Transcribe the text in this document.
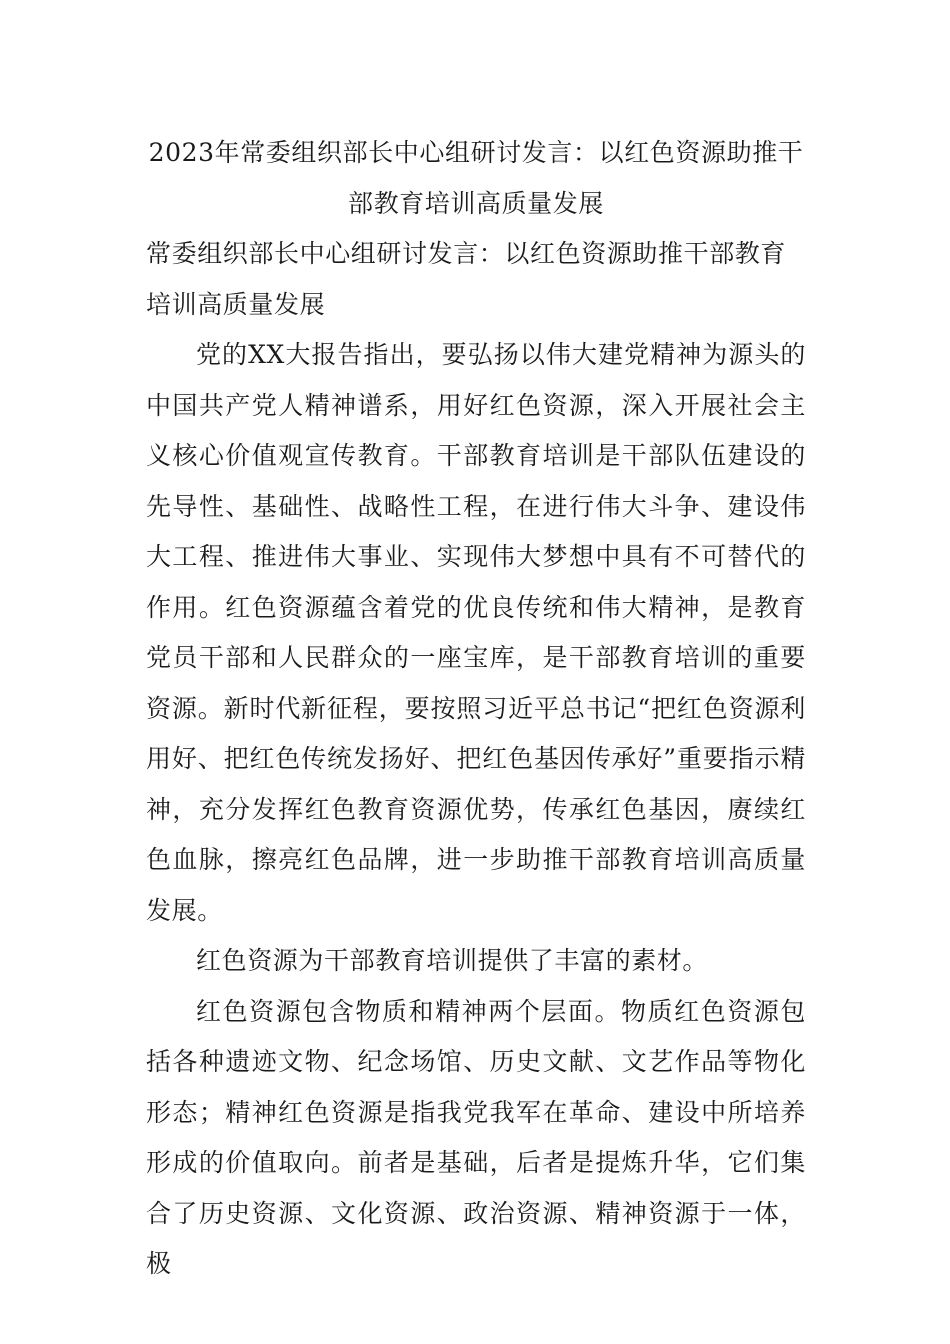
2023年常委组织部长中心组研讨发言：以红色资源助推干部教育培训高质量发展

常委组织部长中心组研讨发言：以红色资源助推干部教育培训高质量发展

党的XX大报告指出，要弘扬以伟大建党精神为源头的中国共产党人精神谱系，用好红色资源，深入开展社会主义核心价值观宣传教育。干部教育培训是干部队伍建设的先导性、基础性、战略性工程，在进行伟大斗争、建设伟大工程、推进伟大事业、实现伟大梦想中具有不可替代的作用。红色资源蕴含着党的优良传统和伟大精神，是教育党员干部和人民群众的一座宝库，是干部教育培训的重要资源。新时代新征程，要按照习近平总书记“把红色资源利用好、把红色传统发扬好、把红色基因传承好”重要指示精神，充分发挥红色教育资源优势，传承红色基因，赓续红色血脉，擦亮红色品牌，进一步助推干部教育培训高质量发展。

红色资源为干部教育培训提供了丰富的素材。

红色资源包含物质和精神两个层面。物质红色资源包括各种遗迹文物、纪念场馆、历史文献、文艺作品等物化形态；精神红色资源是指我党我军在革命、建设中所培养形成的价值取向。前者是基础，后者是提炼升华，它们集合了历史资源、文化资源、政治资源、精神资源于一体，极
